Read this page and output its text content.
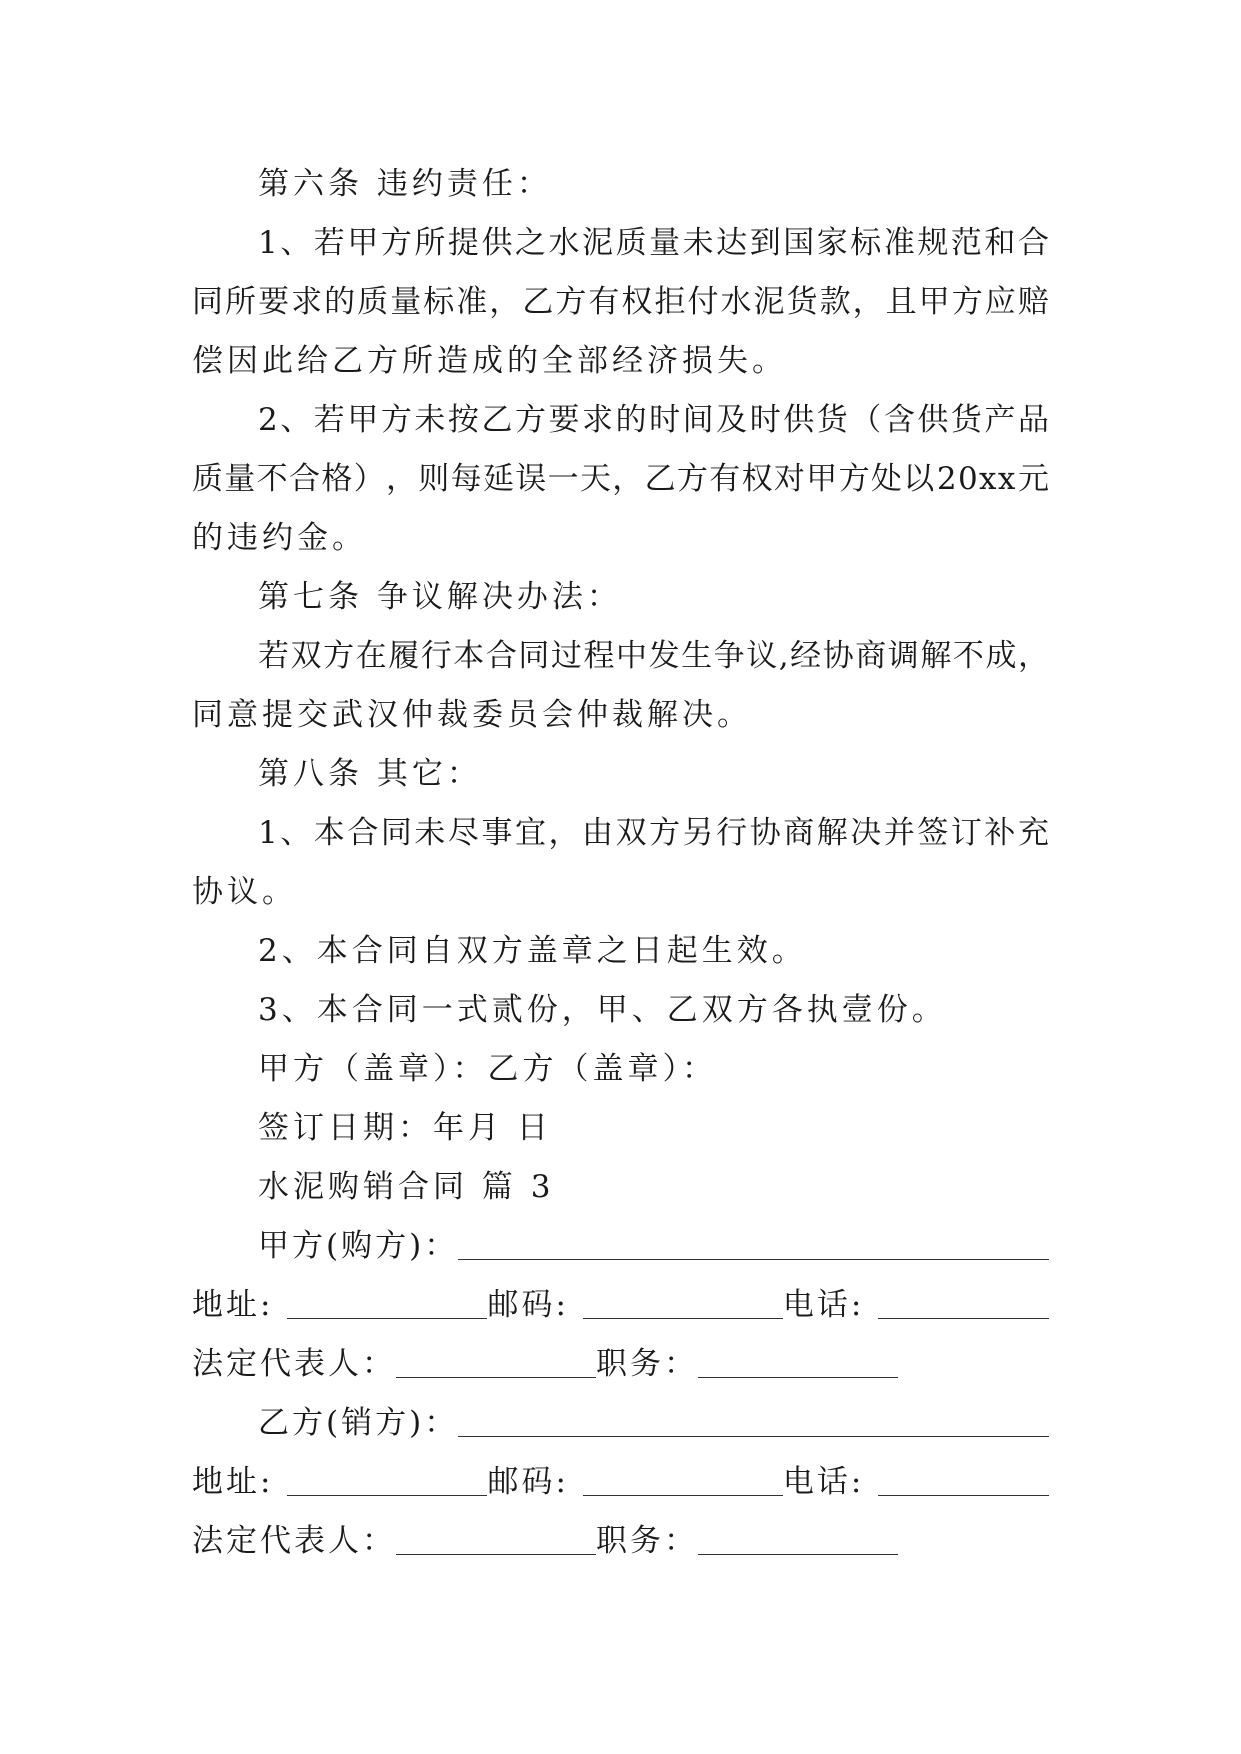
第六条 违约责任：
1 、 若 甲 方 所 提 供 之 水 泥 质 量 未 达 到 国 家 标 准 规 范 和 合
同 所 要 求 的 质 量 标 准 ， 乙 方 有 权 拒 付 水 泥 货 款 ， 且 甲 方 应 赔
偿因此给乙方所造成的全部经济损失。
2 、 若 甲 方 未 按 乙 方 要 求 的 时 间 及 时 供 货 （ 含 供 货 产 品
质 量 不 合 格 ） ， 则 每 延 误 一 天 ， 乙 方 有 权 对 甲 方 处 以 2 0 x x 元
的违约金。
第七条 争议解决办法：
若 双 方 在 履 行 本 合 同 过 程 中 发 生 争 议 , 经 协 商 调 解 不 成 ，
同意提交武汉仲裁委员会仲裁解决。
第八条 其它：
1 、 本 合 同 未 尽 事 宜 ， 由 双 方 另 行 协 商 解 决 并 签 订 补 充
协议。
2、本合同自双方盖章之日起生效。
3、本合同一式贰份，甲、乙双方各执壹份。
甲方（盖章）：乙方（盖章）：
签订日期：年月 日
水泥购销合同 篇 3
甲方(购方)：
地址:	邮码:	电话:
法定代表人：	职务：
乙方(销方)：
地址:	邮码:	电话:
法定代表人：	职务：
